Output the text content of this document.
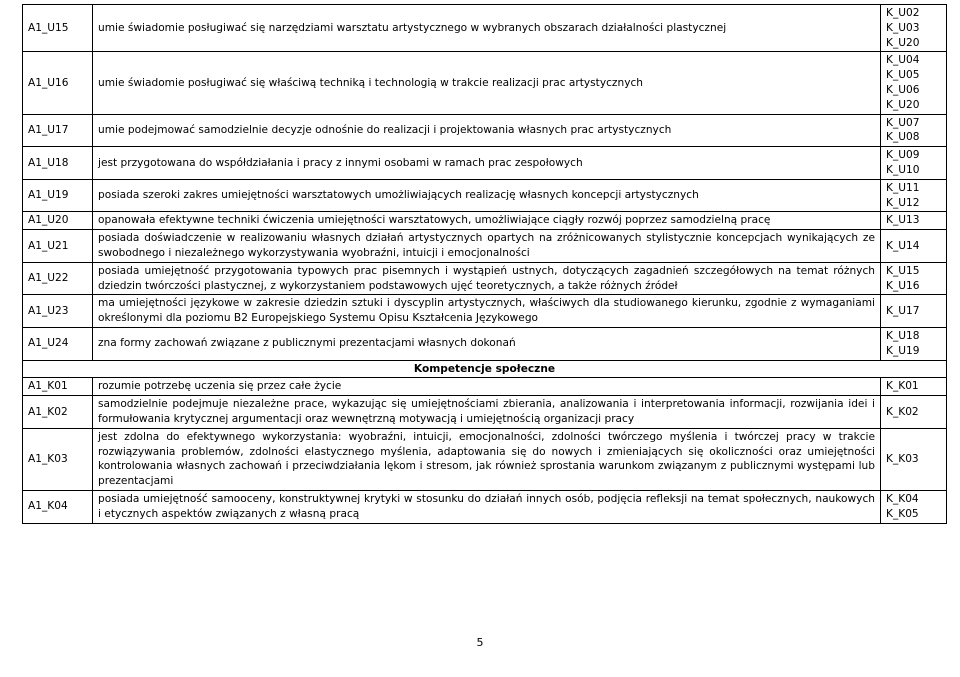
A1_U15	umie świadomie posługiwać się narzędziami warsztatu artystycznego w wybranych obszarach działalności plastycznej	K_U02
K_U03
K_U20

A1_U16	umie świadomie posługiwać się właściwą techniką i technologią w trakcie realizacji prac artystycznych	K_U04
K_U05
K_U06
K_U20

A1_U17	umie podejmować samodzielnie decyzje odnośnie do realizacji i projektowania własnych prac artystycznych	K_U07
K_U08

A1_U18	jest przygotowana do współdziałania i pracy z innymi osobami w ramach prac zespołowych	K_U09
K_U10

A1_U19	posiada szeroki zakres umiejętności warsztatowych umożliwiających realizację własnych koncepcji artystycznych	K_U11
K_U12

A1_U20	opanowała efektywne techniki ćwiczenia umiejętności warsztatowych, umożliwiające ciągły rozwój poprzez samodzielną pracę	K_U13

A1_U21	posiada doświadczenie w realizowaniu własnych działań artystycznych opartych na zróżnicowanych stylistycznie koncepcjach wynikających ze swobodnego i niezależnego wykorzystywania wyobraźni, intuicji i emocjonalności	K_U14

A1_U22	posiada umiejętność przygotowania typowych prac pisemnych i wystąpień ustnych, dotyczących zagadnień szczegółowych na temat różnych dziedzin twórczości plastycznej, z wykorzystaniem podstawowych ujęć teoretycznych, a także różnych źródeł	K_U15
K_U16

A1_U23	ma umiejętności językowe w zakresie dziedzin sztuki i dyscyplin artystycznych, właściwych dla studiowanego kierunku, zgodnie z wymaganiami określonymi dla poziomu B2 Europejskiego Systemu Opisu Kształcenia Językowego	K_U17

A1_U24	zna formy zachowań związane z publicznymi prezentacjami własnych dokonań	K_U18
K_U19

Kompetencje społeczne		
A1_K01	rozumie potrzebę uczenia się przez całe życie	K_K01

A1_K02	samodzielnie podejmuje niezależne prace, wykazując się umiejętnościami zbierania, analizowania i interpretowania informacji, rozwijania idei i formułowania krytycznej argumentacji oraz wewnętrzną motywacją i umiejętnością organizacji pracy	K_K02

A1_K03	jest zdolna do efektywnego wykorzystania: wyobraźni, intuicji, emocjonalności, zdolności twórczego myślenia i twórczej pracy w trakcie rozwiązywania problemów, zdolności elastycznego myślenia, adaptowania się do nowych i zmieniających się okoliczności oraz umiejętności kontrolowania własnych zachowań i przeciwdziałania lękom i stresom, jak również sprostania warunkom związanym z publicznymi występami lub prezentacjami	K_K03

A1_K04	posiada umiejętność samooceny, konstruktywnej krytyki w stosunku do działań innych osób, podjęcia refleksji na temat społecznych, naukowych i etycznych aspektów związanych z własną pracą	K_K04
K_K05
5
